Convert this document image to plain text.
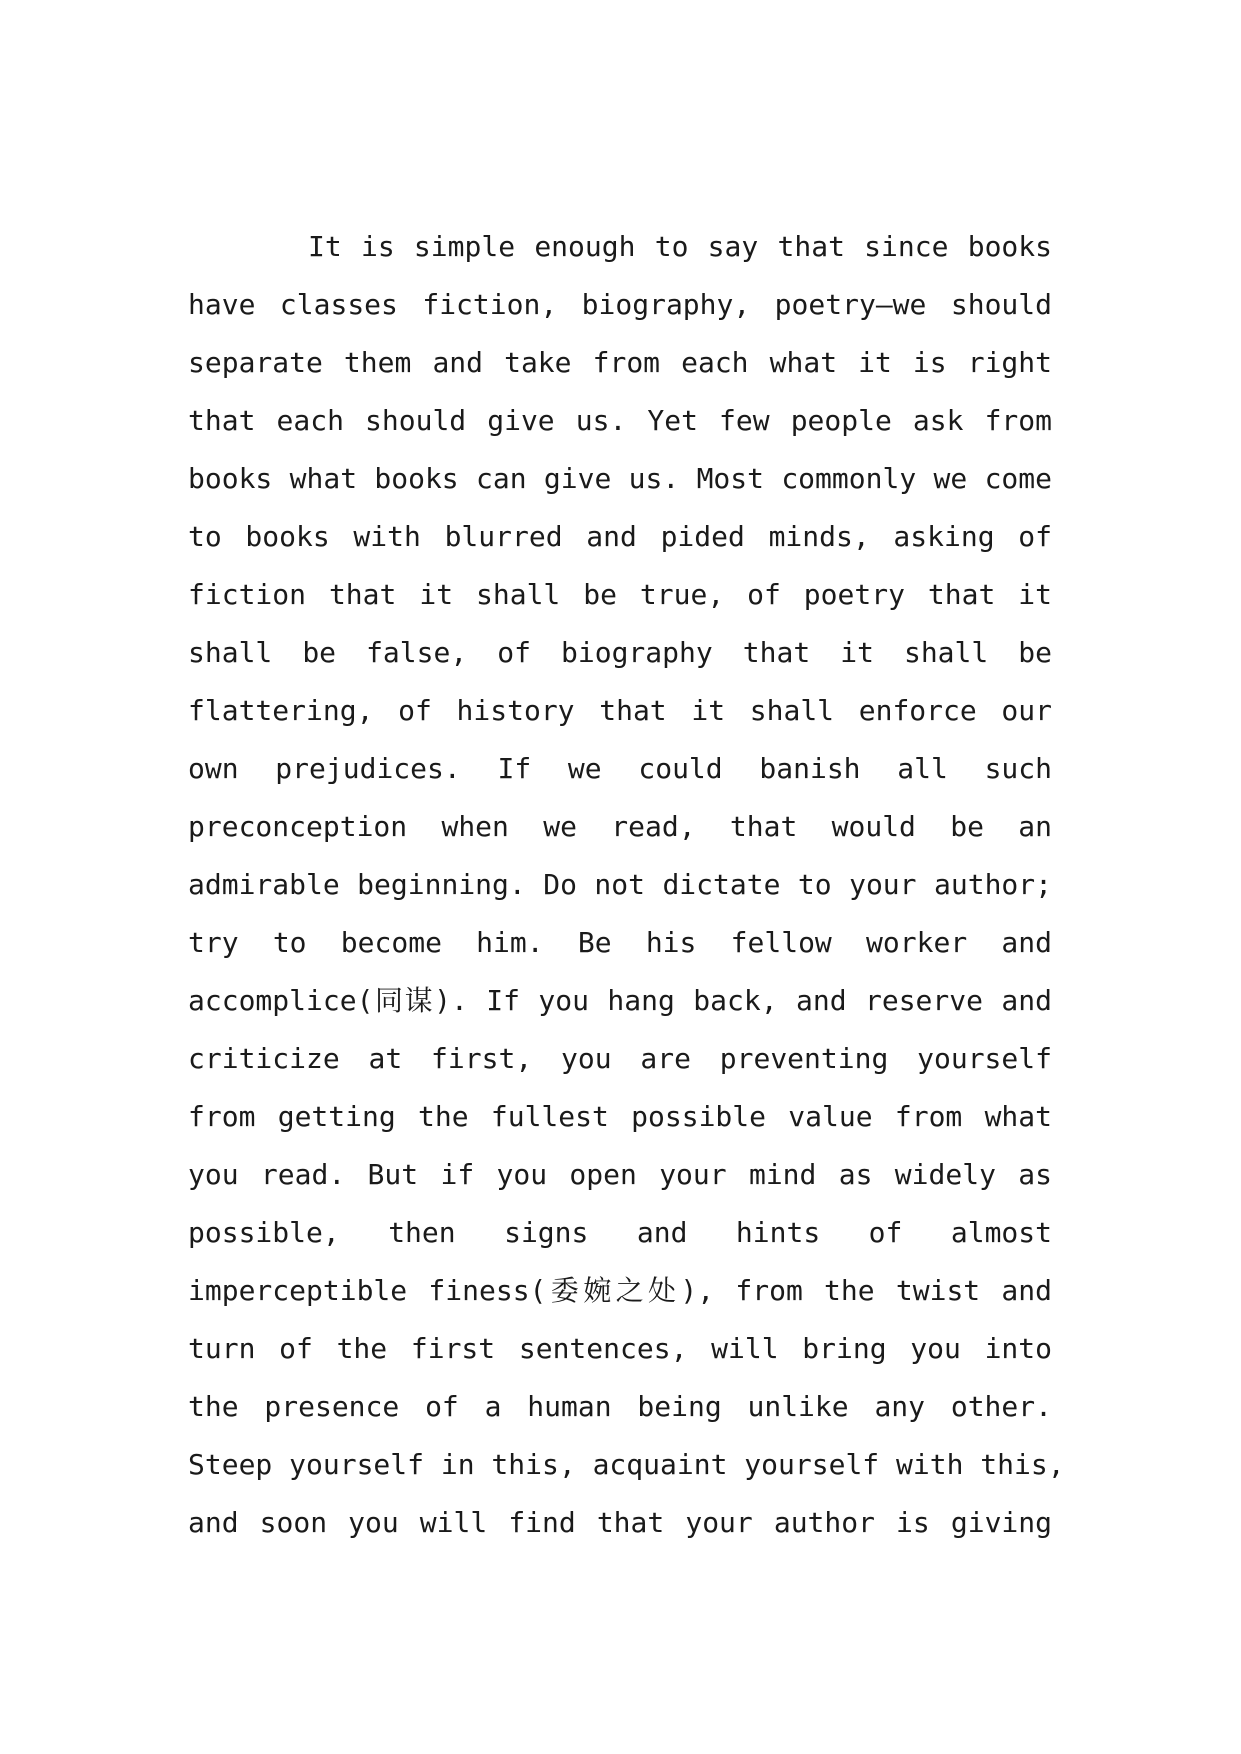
It is simple enough to say that since books
have classes fiction, biography, poetry—we should
separate them and take from each what it is right
that each should give us. Yet few people ask from
books what books can give us. Most commonly we come
to books with blurred and pided minds, asking of
fiction that it shall be true, of poetry that it
shall be false, of biography that it shall be
flattering, of history that it shall enforce our
own prejudices. If we could banish all such
preconception when we read, that would be an
admirable beginning. Do not dictate to your author;
try to become him. Be his fellow worker and
accomplice(同谋). If you hang back, and reserve and
criticize at first, you are preventing yourself
from getting the fullest possible value from what
you read. But if you open your mind as widely as
possible, then signs and hints of almost
imperceptible finess(委婉之处), from the twist and
turn of the first sentences, will bring you into
the presence of a human being unlike any other.
Steep yourself in this, acquaint yourself with this,
and soon you will find that your author is giving
